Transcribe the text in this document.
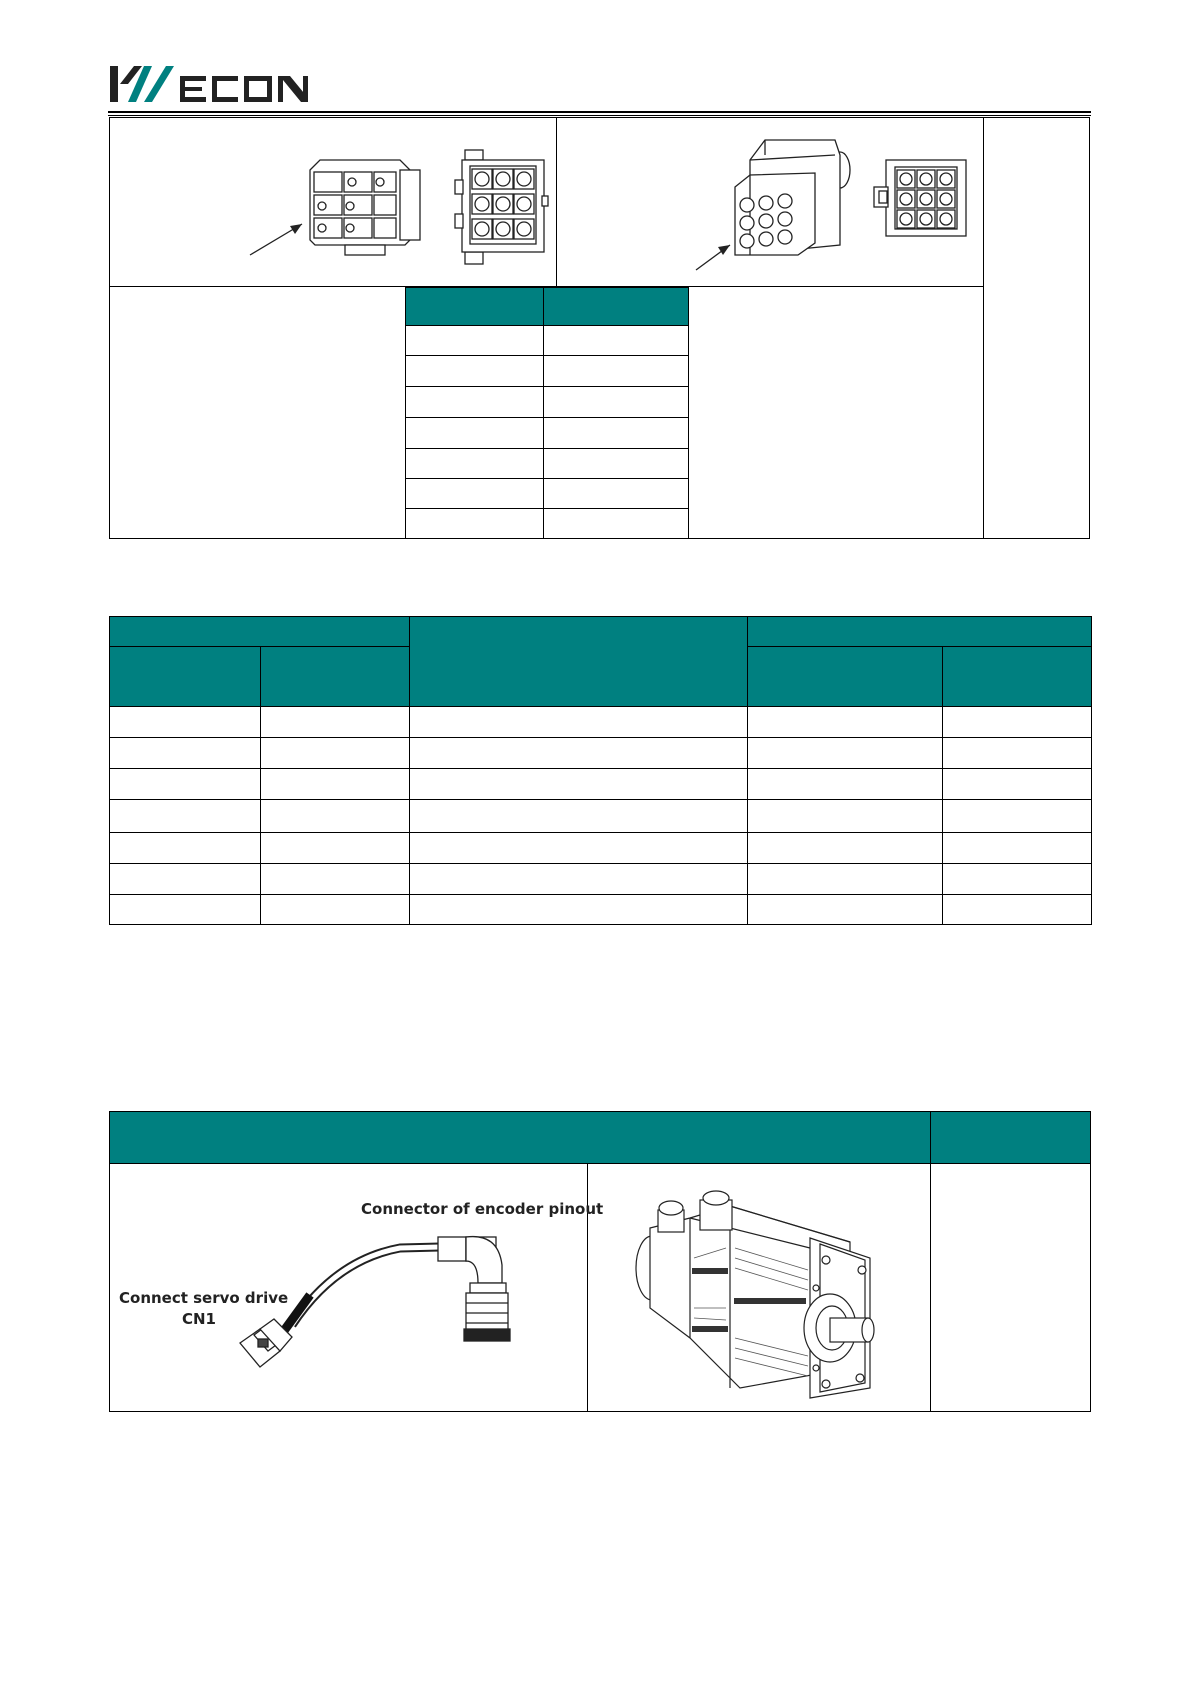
Connector of encoder pinout
Connect servo drive
CN1
